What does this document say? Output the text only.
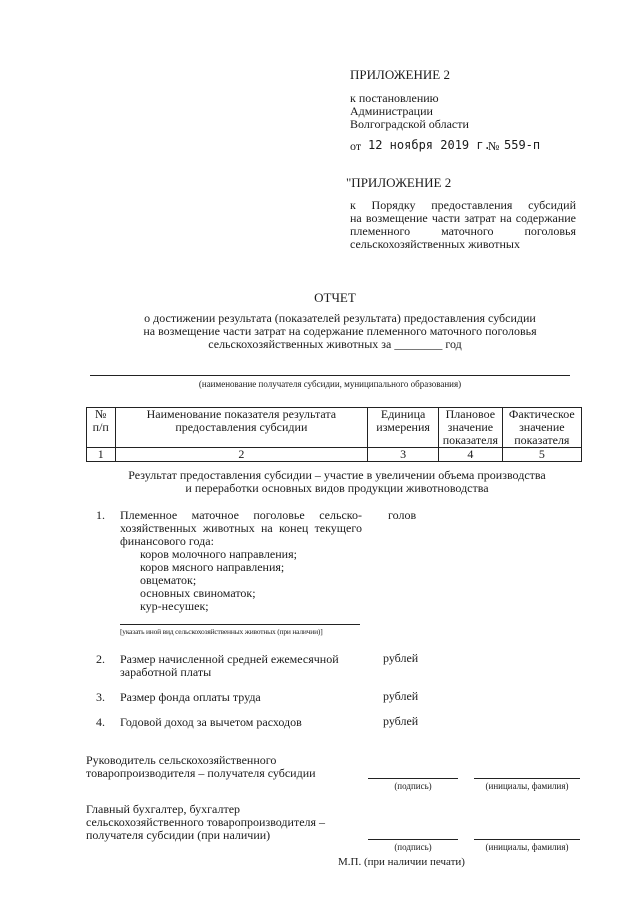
ПРИЛОЖЕНИЕ 2
к постановлению
Администрации
Волгоградской области
от 12 ноября 2019 г.
№ 559-п
"ПРИЛОЖЕНИЕ 2
к Порядку предоставления субсидий
на возмещение части затрат на содержание
племенного маточного поголовья
сельскохозяйственных животных
ОТЧЕТ
о достижении результата (показателей результата) предоставления субсидии
на возмещение части затрат на содержание племенного маточного поголовья
сельскохозяйственных животных за ________ год
(наименование получателя субсидии, муниципального образования)
№ п/п	Наименование показателя результата предоставления субсидии	Единица измерения	Плановое значение показателя	Фактическое значение показателя
1	2	3	4	5
Результат предоставления субсидии – участие в увеличении объема производства
и переработки основных видов продукции животноводства
1. Племенное маточное поголовье сельско-
хозяйственных животных на конец текущего
финансового года:
голов
коров молочного направления;
коров мясного направления;
овцематок;
основных свиноматок;
кур-несушек;
[указать иной вид сельскохозяйственных животных (при наличии)]
2. Размер начисленной средней ежемесячной
заработной платы
рублей
3. Размер фонда оплаты труда	рублей
4. Годовой доход за вычетом расходов	рублей
Руководитель сельскохозяйственного
товаропроизводителя – получателя субсидии
(подпись)	(инициалы, фамилия)
Главный бухгалтер, бухгалтер
сельскохозяйственного товаропроизводителя –
получателя субсидии (при наличии)
(подпись)	(инициалы, фамилия)
М.П. (при наличии печати)
